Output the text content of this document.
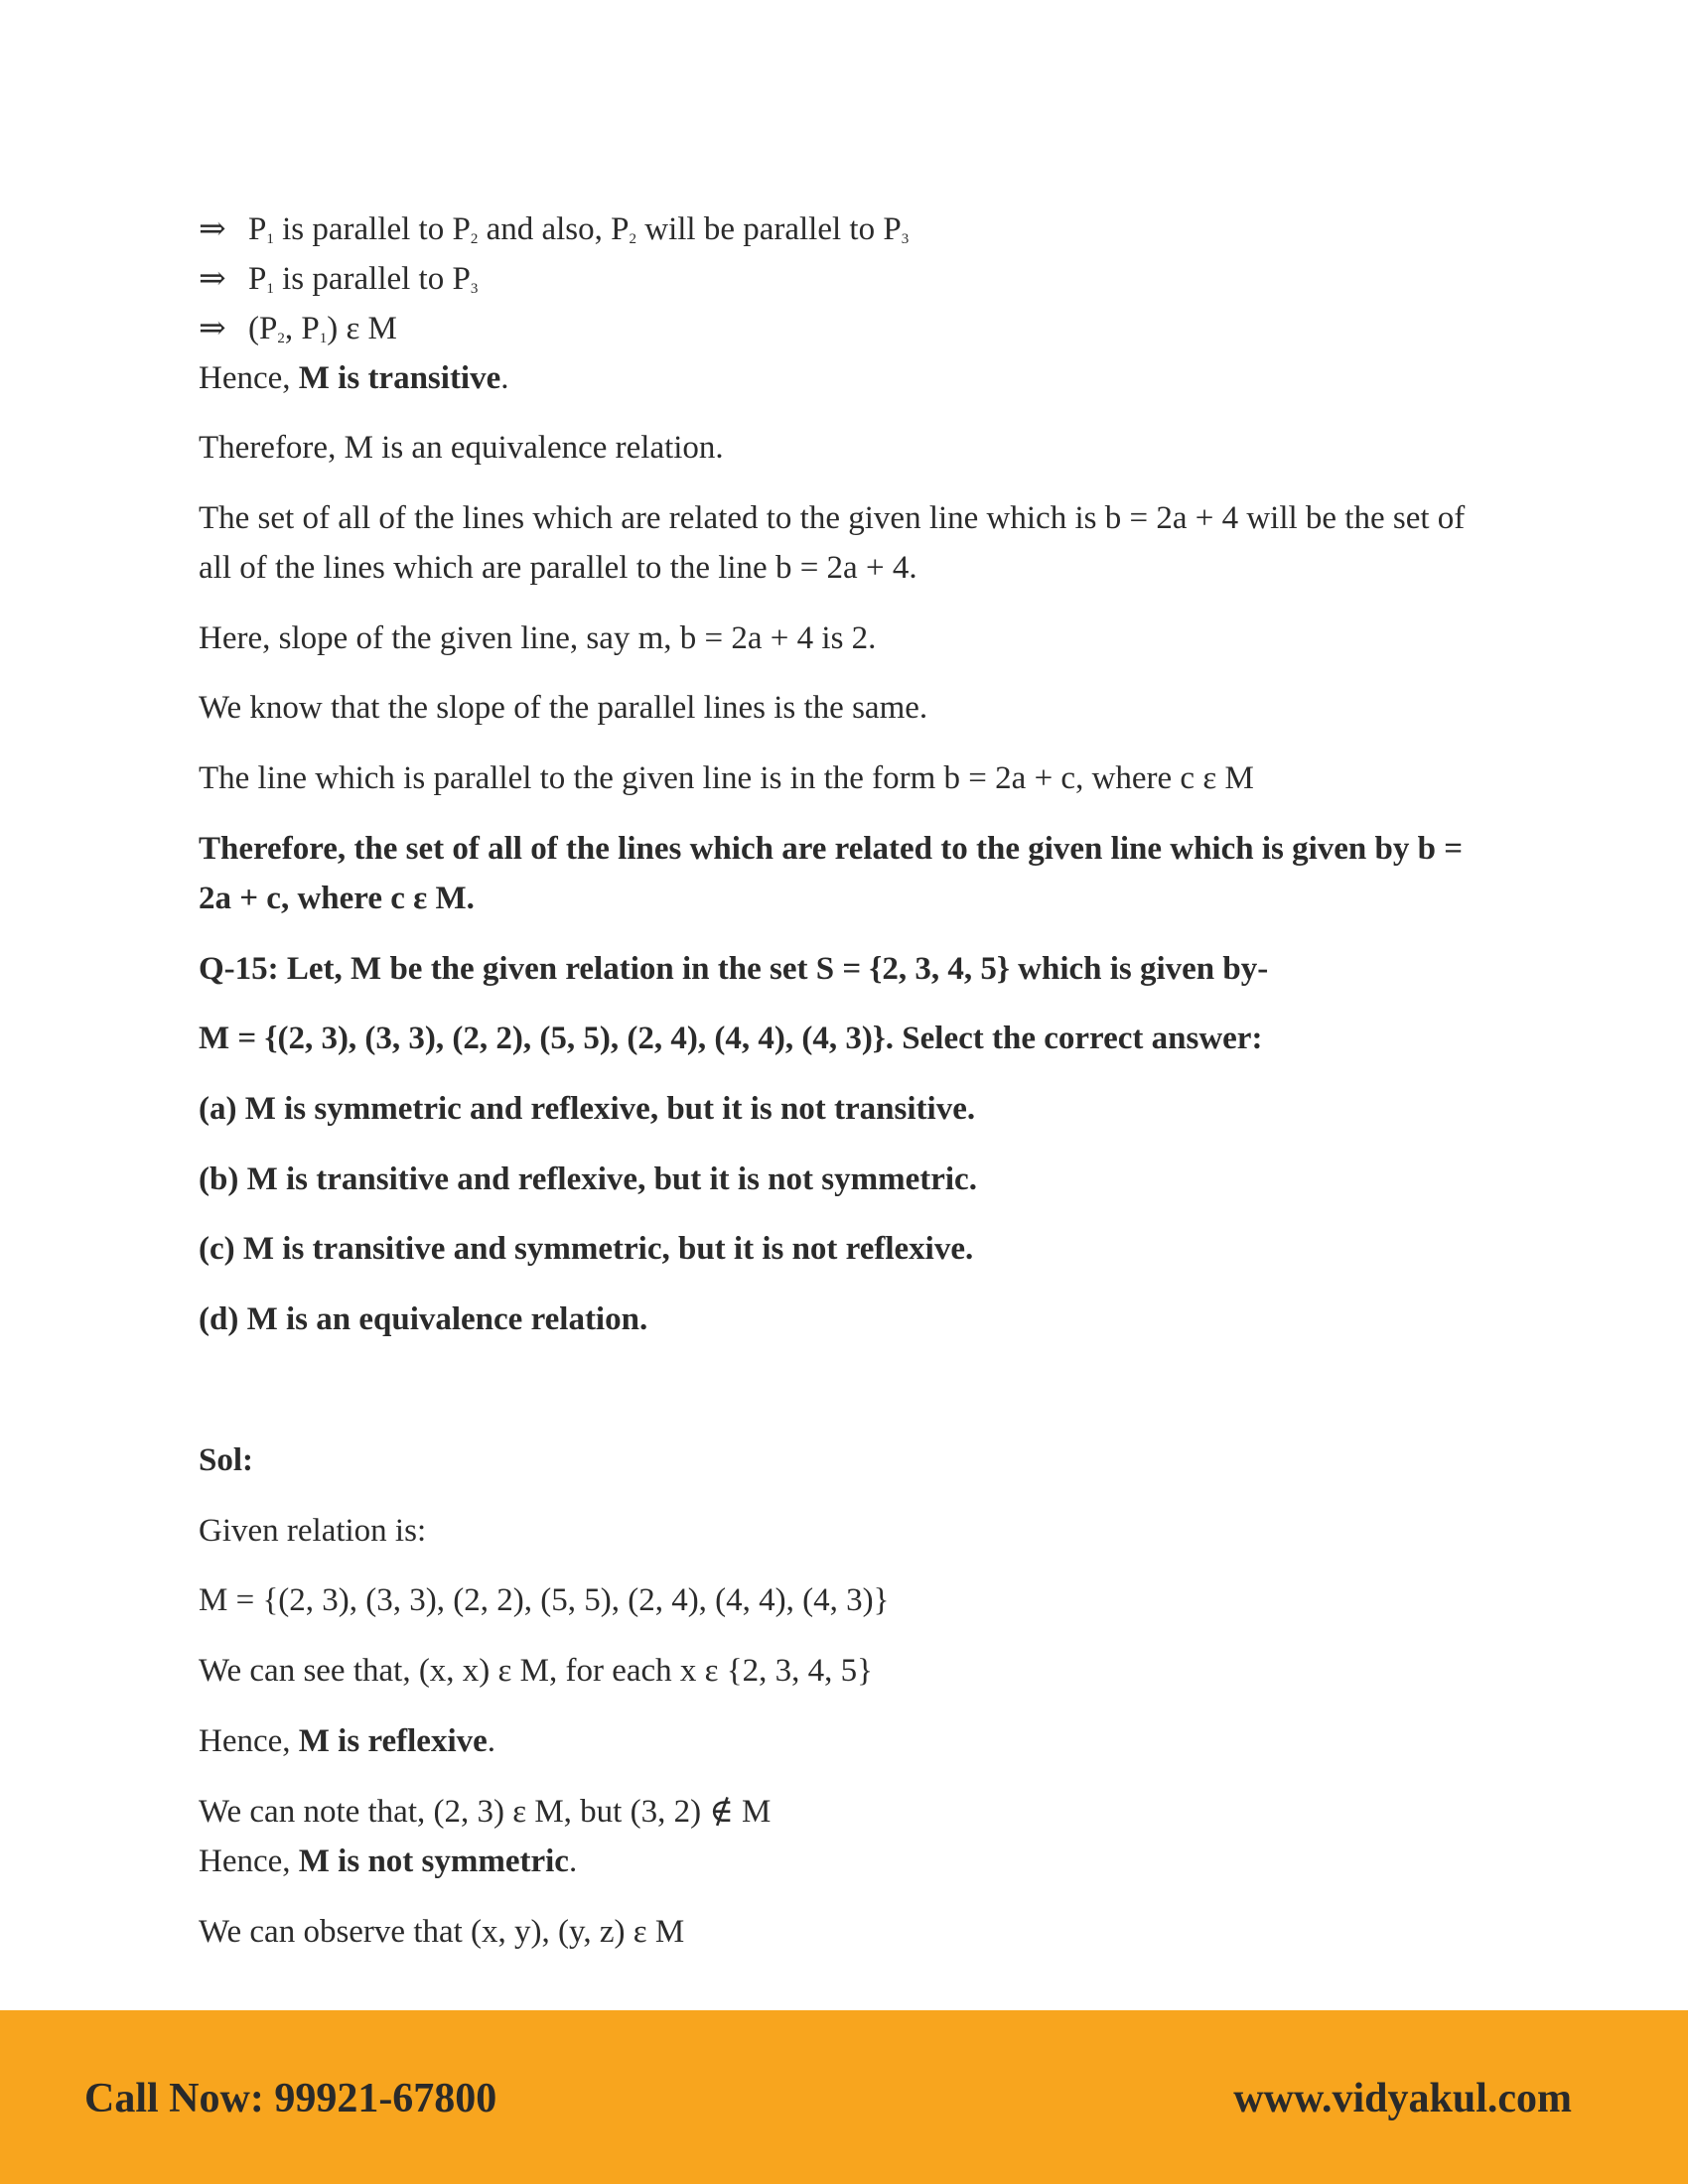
⇒ $P_1$ is parallel to $P_2$ and also, $P_2$ will be parallel to $P_3$
⇒ $P_1$ is parallel to $P_3$
⇒ ($P_2$, $P_1$) ε M
Hence, M is transitive.
Therefore, M is an equivalence relation.
The set of all of the lines which are related to the given line which is b = 2a + 4 will be the set of
all of the lines which are parallel to the line b = 2a + 4.
Here, slope of the given line, say m, b = 2a + 4 is 2.
We know that the slope of the parallel lines is the same.
The line which is parallel to the given line is in the form b = 2a + c, where c ε M
Therefore, the set of all of the lines which are related to the given line which is given by b =
2a + c, where c ε M.
Q-15: Let, M be the given relation in the set S = {2, 3, 4, 5} which is given by-
M = {(2, 3), (3, 3), (2, 2), (5, 5), (2, 4), (4, 4), (4, 3)}. Select the correct answer:
(a) M is symmetric and reflexive, but it is not transitive.
(b) M is transitive and reflexive, but it is not symmetric.
(c) M is transitive and symmetric, but it is not reflexive.
(d) M is an equivalence relation.
Sol:
Given relation is:
M = {(2, 3), (3, 3), (2, 2), (5, 5), (2, 4), (4, 4), (4, 3)}
We can see that, (x, x) ε M, for each x ε {2, 3, 4, 5}
Hence, M is reflexive.
We can note that, (2, 3) ε M, but (3, 2) ∉ M
Hence, M is not symmetric.
We can observe that (x, y), (y, z) ε M
Call Now: 99921-67800	www.vidyakul.com
